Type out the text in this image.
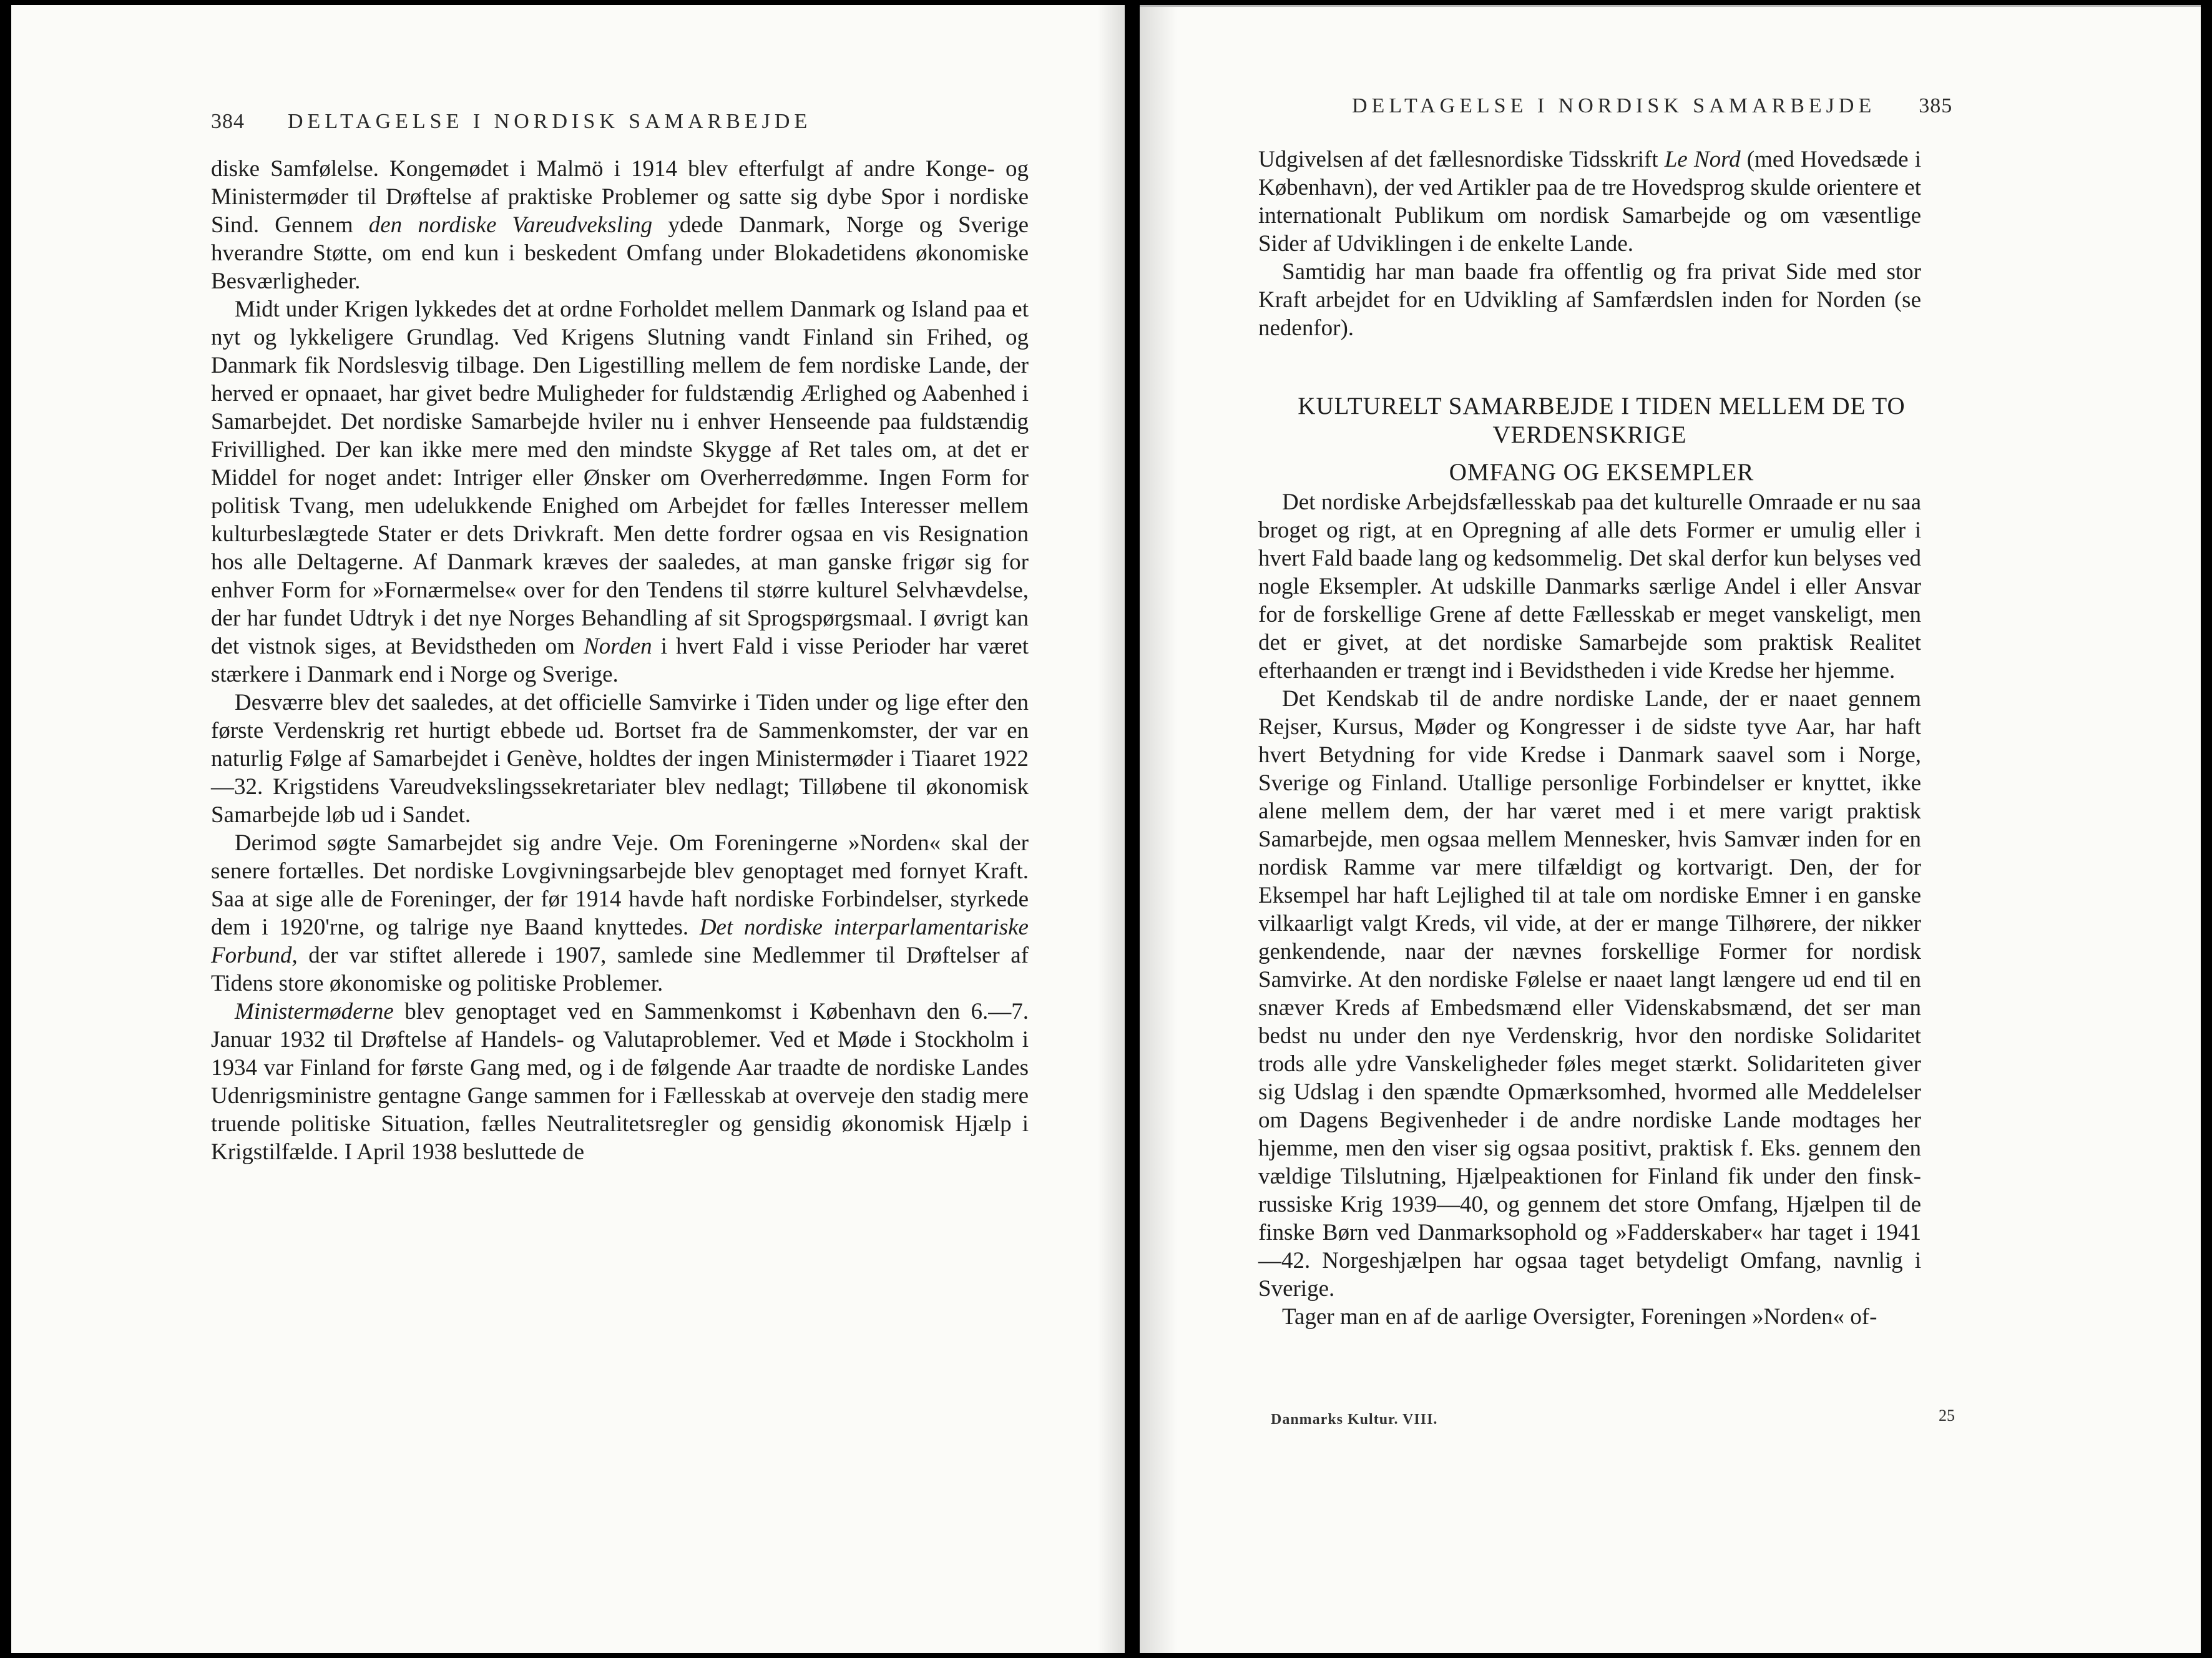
384 DELTAGELSE I NORDISK SAMARBEJDE

diske Samfølelse. Kongemødet i Malmö i 1914 blev efterfulgt af andre Konge- og Ministermøder til Drøftelse af praktiske Problemer og satte sig dybe Spor i nordiske Sind. Gennem den nordiske Vareudveksling ydede Danmark, Norge og Sverige hverandre Støtte, om end kun i beskedent Omfang under Blokadetidens økonomiske Besværligheder.

Midt under Krigen lykkedes det at ordne Forholdet mellem Danmark og Island paa et nyt og lykkeligere Grundlag. Ved Krigens Slutning vandt Finland sin Frihed, og Danmark fik Nordslesvig tilbage. Den Ligestilling mellem de fem nordiske Lande, der herved er opnaaet, har givet bedre Muligheder for fuldstændig Ærlighed og Aabenhed i Samarbejdet. Det nordiske Samarbejde hviler nu i enhver Henseende paa fuldstændig Frivillighed. Der kan ikke mere med den mindste Skygge af Ret tales om, at det er Middel for noget andet: Intriger eller Ønsker om Overherredømme. Ingen Form for politisk Tvang, men udelukkende Enighed om Arbejdet for fælles Interesser mellem kulturbeslægtede Stater er dets Drivkraft. Men dette fordrer ogsaa en vis Resignation hos alle Deltagerne. Af Danmark kræves der saaledes, at man ganske frigør sig for enhver Form for »Fornærmelse« over for den Tendens til større kulturel Selvhævdelse, der har fundet Udtryk i det nye Norges Behandling af sit Sprogspørgsmaal. I øvrigt kan det vistnok siges, at Bevidstheden om Norden i hvert Fald i visse Perioder har været stærkere i Danmark end i Norge og Sverige.

Desværre blev det saaledes, at det officielle Samvirke i Tiden under og lige efter den første Verdenskrig ret hurtigt ebbede ud. Bortset fra de Sammenkomster, der var en naturlig Følge af Samarbejdet i Genève, holdtes der ingen Ministermøder i Tiaaret 1922—32. Krigstidens Vareudvekslingssekretariater blev nedlagt; Tilløbene til økonomisk Samarbejde løb ud i Sandet.

Derimod søgte Samarbejdet sig andre Veje. Om Foreningerne »Norden« skal der senere fortælles. Det nordiske Lovgivningsarbejde blev genoptaget med fornyet Kraft. Saa at sige alle de Foreninger, der før 1914 havde haft nordiske Forbindelser, styrkede dem i 1920'rne, og talrige nye Baand knyttedes. Det nordiske interparlamentariske Forbund, der var stiftet allerede i 1907, samlede sine Medlemmer til Drøftelser af Tidens store økonomiske og politiske Problemer.

Ministermøderne blev genoptaget ved en Sammenkomst i København den 6.—7. Januar 1932 til Drøftelse af Handels- og Valutaproblemer. Ved et Møde i Stockholm i 1934 var Finland for første Gang med, og i de følgende Aar traadte de nordiske Landes Udenrigsministre gentagne Gange sammen for i Fællesskab at overveje den stadig mere truende politiske Situation, fælles Neutralitetsregler og gensidig økonomisk Hjælp i Krigstilfælde. I April 1938 besluttede de

DELTAGELSE I NORDISK SAMARBEJDE 385

Udgivelsen af det fællesnordiske Tidsskrift Le Nord (med Hovedsæde i København), der ved Artikler paa de tre Hovedsprog skulde orientere et internationalt Publikum om nordisk Samarbejde og om væsentlige Sider af Udviklingen i de enkelte Lande.

Samtidig har man baade fra offentlig og fra privat Side med stor Kraft arbejdet for en Udvikling af Samfærdslen inden for Norden (se nedenfor).

KULTURELT SAMARBEJDE I TIDEN MELLEM DE TO VERDENSKRIGE

OMFANG OG EKSEMPLER

Det nordiske Arbejdsfællesskab paa det kulturelle Omraade er nu saa broget og rigt, at en Opregning af alle dets Former er umulig eller i hvert Fald baade lang og kedsommelig. Det skal derfor kun belyses ved nogle Eksempler. At udskille Danmarks særlige Andel i eller Ansvar for de forskellige Grene af dette Fællesskab er meget vanskeligt, men det er givet, at det nordiske Samarbejde som praktisk Realitet efterhaanden er trængt ind i Bevidstheden i vide Kredse her hjemme.

Det Kendskab til de andre nordiske Lande, der er naaet gennem Rejser, Kursus, Møder og Kongresser i de sidste tyve Aar, har haft hvert Betydning for vide Kredse i Danmark saavel som i Norge, Sverige og Finland. Utallige personlige Forbindelser er knyttet, ikke alene mellem dem, der har været med i et mere varigt praktisk Samarbejde, men ogsaa mellem Mennesker, hvis Samvær inden for en nordisk Ramme var mere tilfældigt og kortvarigt. Den, der for Eksempel har haft Lejlighed til at tale om nordiske Emner i en ganske vilkaarligt valgt Kreds, vil vide, at der er mange Tilhørere, der nikker genkendende, naar der nævnes forskellige Former for nordisk Samvirke. At den nordiske Følelse er naaet langt længere ud end til en snæver Kreds af Embedsmænd eller Videnskabsmænd, det ser man bedst nu under den nye Verdenskrig, hvor den nordiske Solidaritet trods alle ydre Vanskeligheder føles meget stærkt. Solidariteten giver sig Udslag i den spændte Opmærksomhed, hvormed alle Meddelelser om Dagens Begivenheder i de andre nordiske Lande modtages her hjemme, men den viser sig ogsaa positivt, praktisk f. Eks. gennem den vældige Tilslutning, Hjælpeaktionen for Finland fik under den finsk-russiske Krig 1939—40, og gennem det store Omfang, Hjælpen til de finske Børn ved Danmarksophold og »Fadderskaber« har taget i 1941—42. Norgeshjælpen har ogsaa taget betydeligt Omfang, navnlig i Sverige.

Tager man en af de aarlige Oversigter, Foreningen »Norden« of-

Danmarks Kultur. VIII.	25
